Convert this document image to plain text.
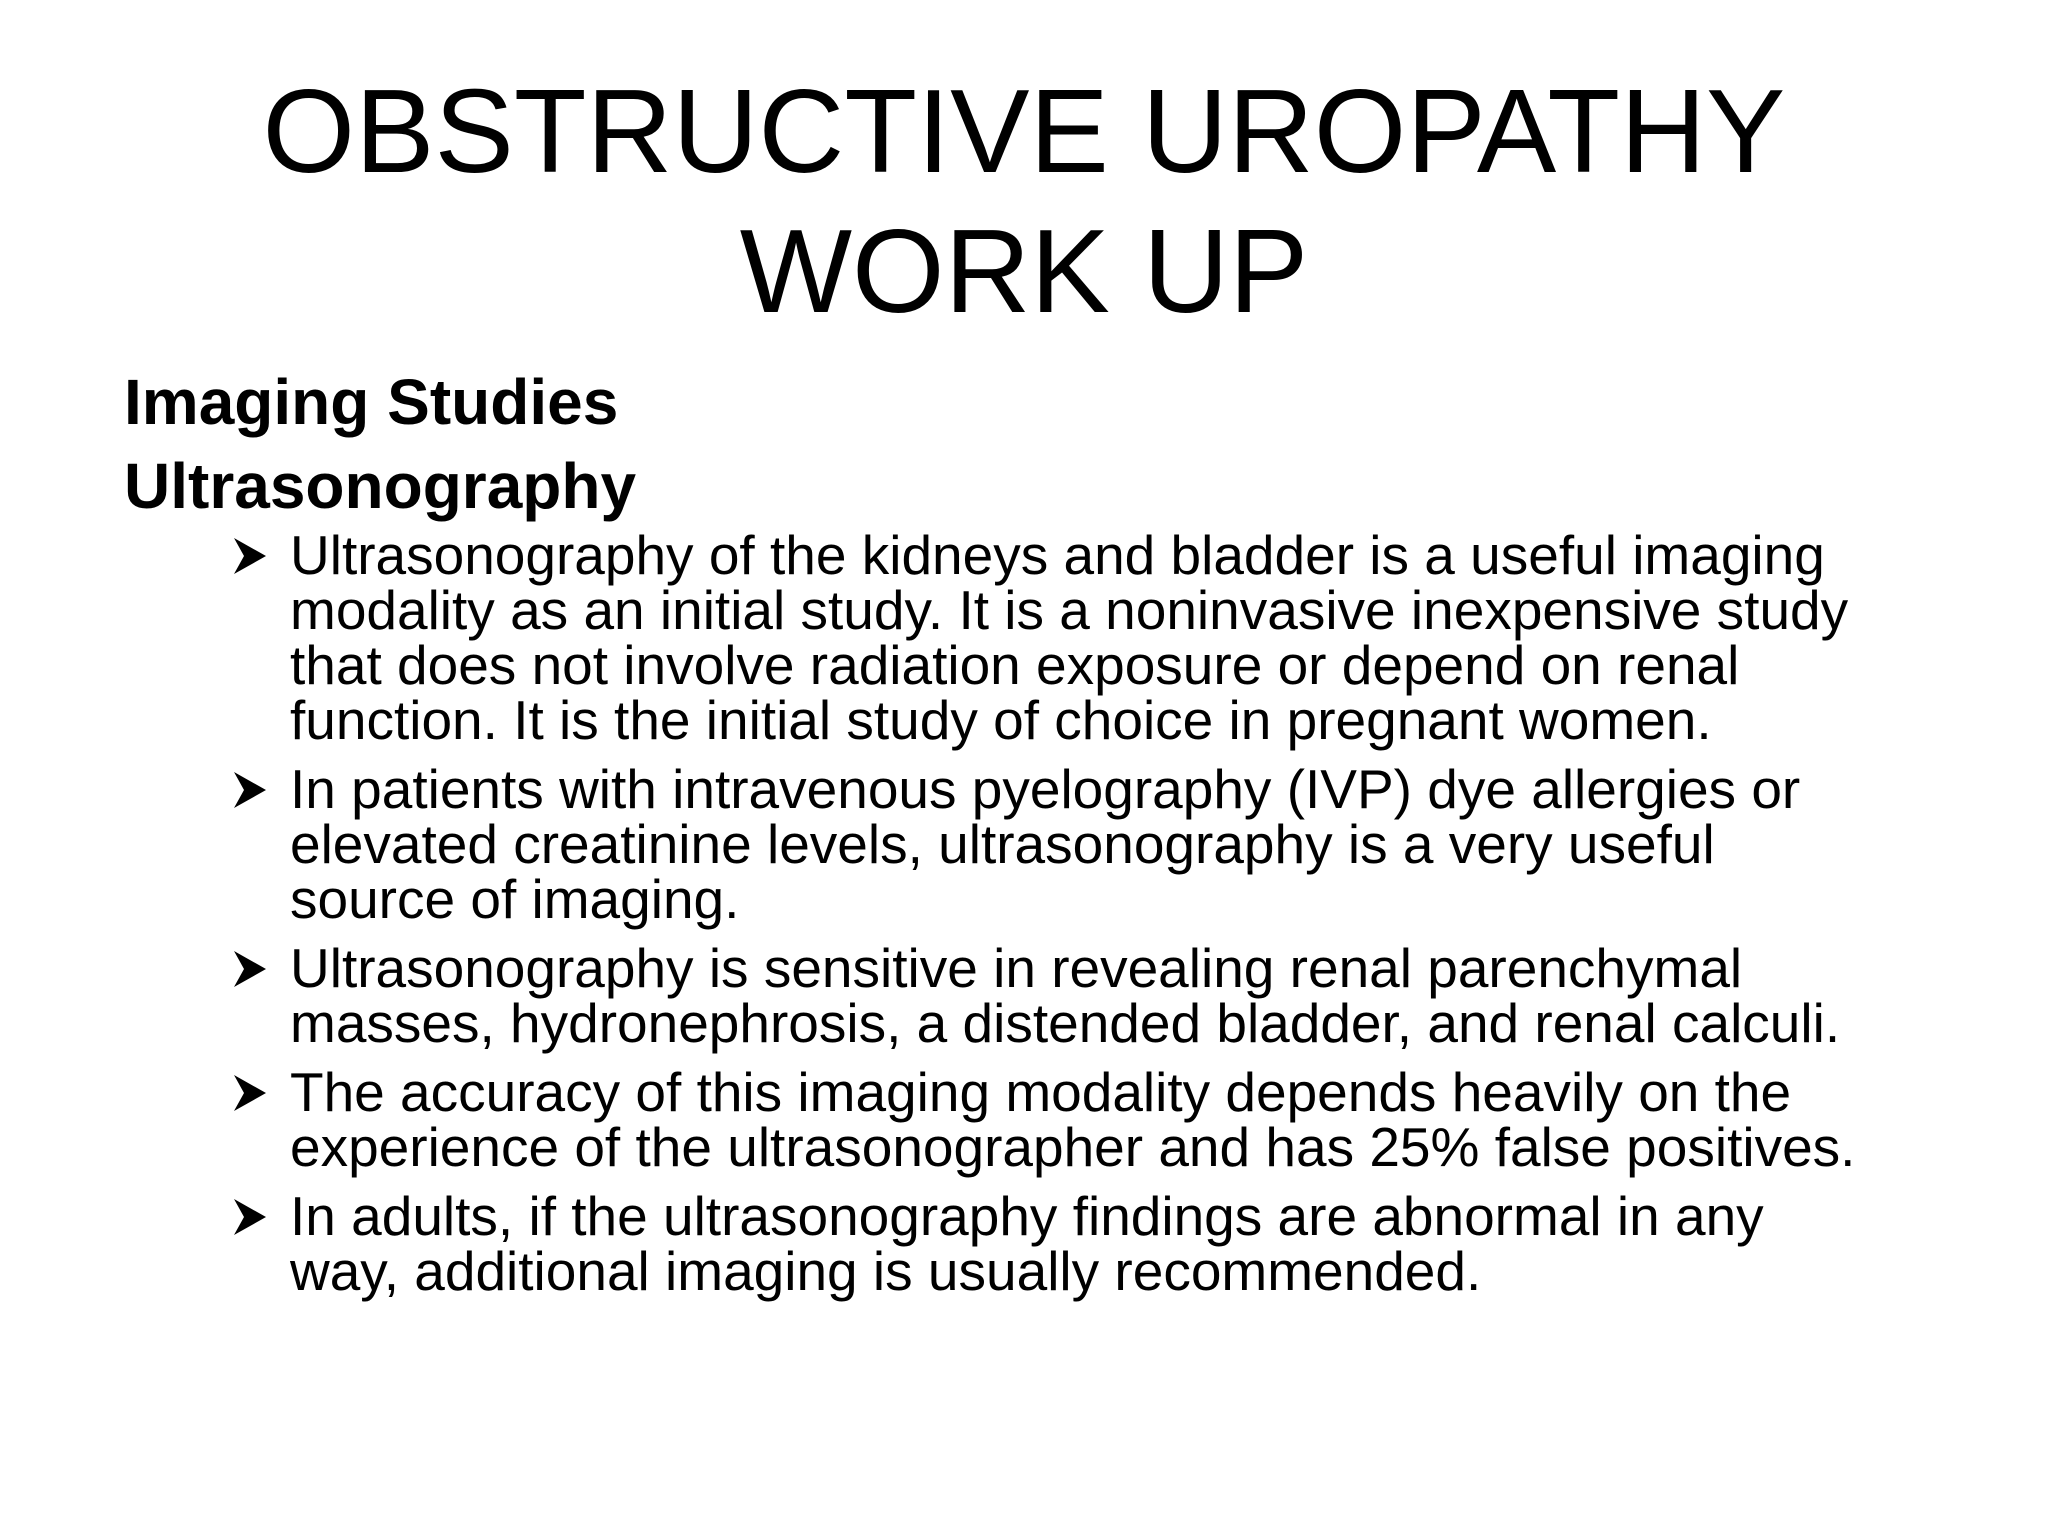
OBSTRUCTIVE UROPATHY
WORK UP
Imaging Studies
Ultrasonography
Ultrasonography of the kidneys and bladder is a useful imaging
modality as an initial study. It is a noninvasive inexpensive study
that does not involve radiation exposure or depend on renal
function. It is the initial study of choice in pregnant women.
In patients with intravenous pyelography (IVP) dye allergies or
elevated creatinine levels, ultrasonography is a very useful
source of imaging.
Ultrasonography is sensitive in revealing renal parenchymal
masses, hydronephrosis, a distended bladder, and renal calculi.
The accuracy of this imaging modality depends heavily on the
experience of the ultrasonographer and has 25% false positives.
In adults, if the ultrasonography findings are abnormal in any
way, additional imaging is usually recommended.
